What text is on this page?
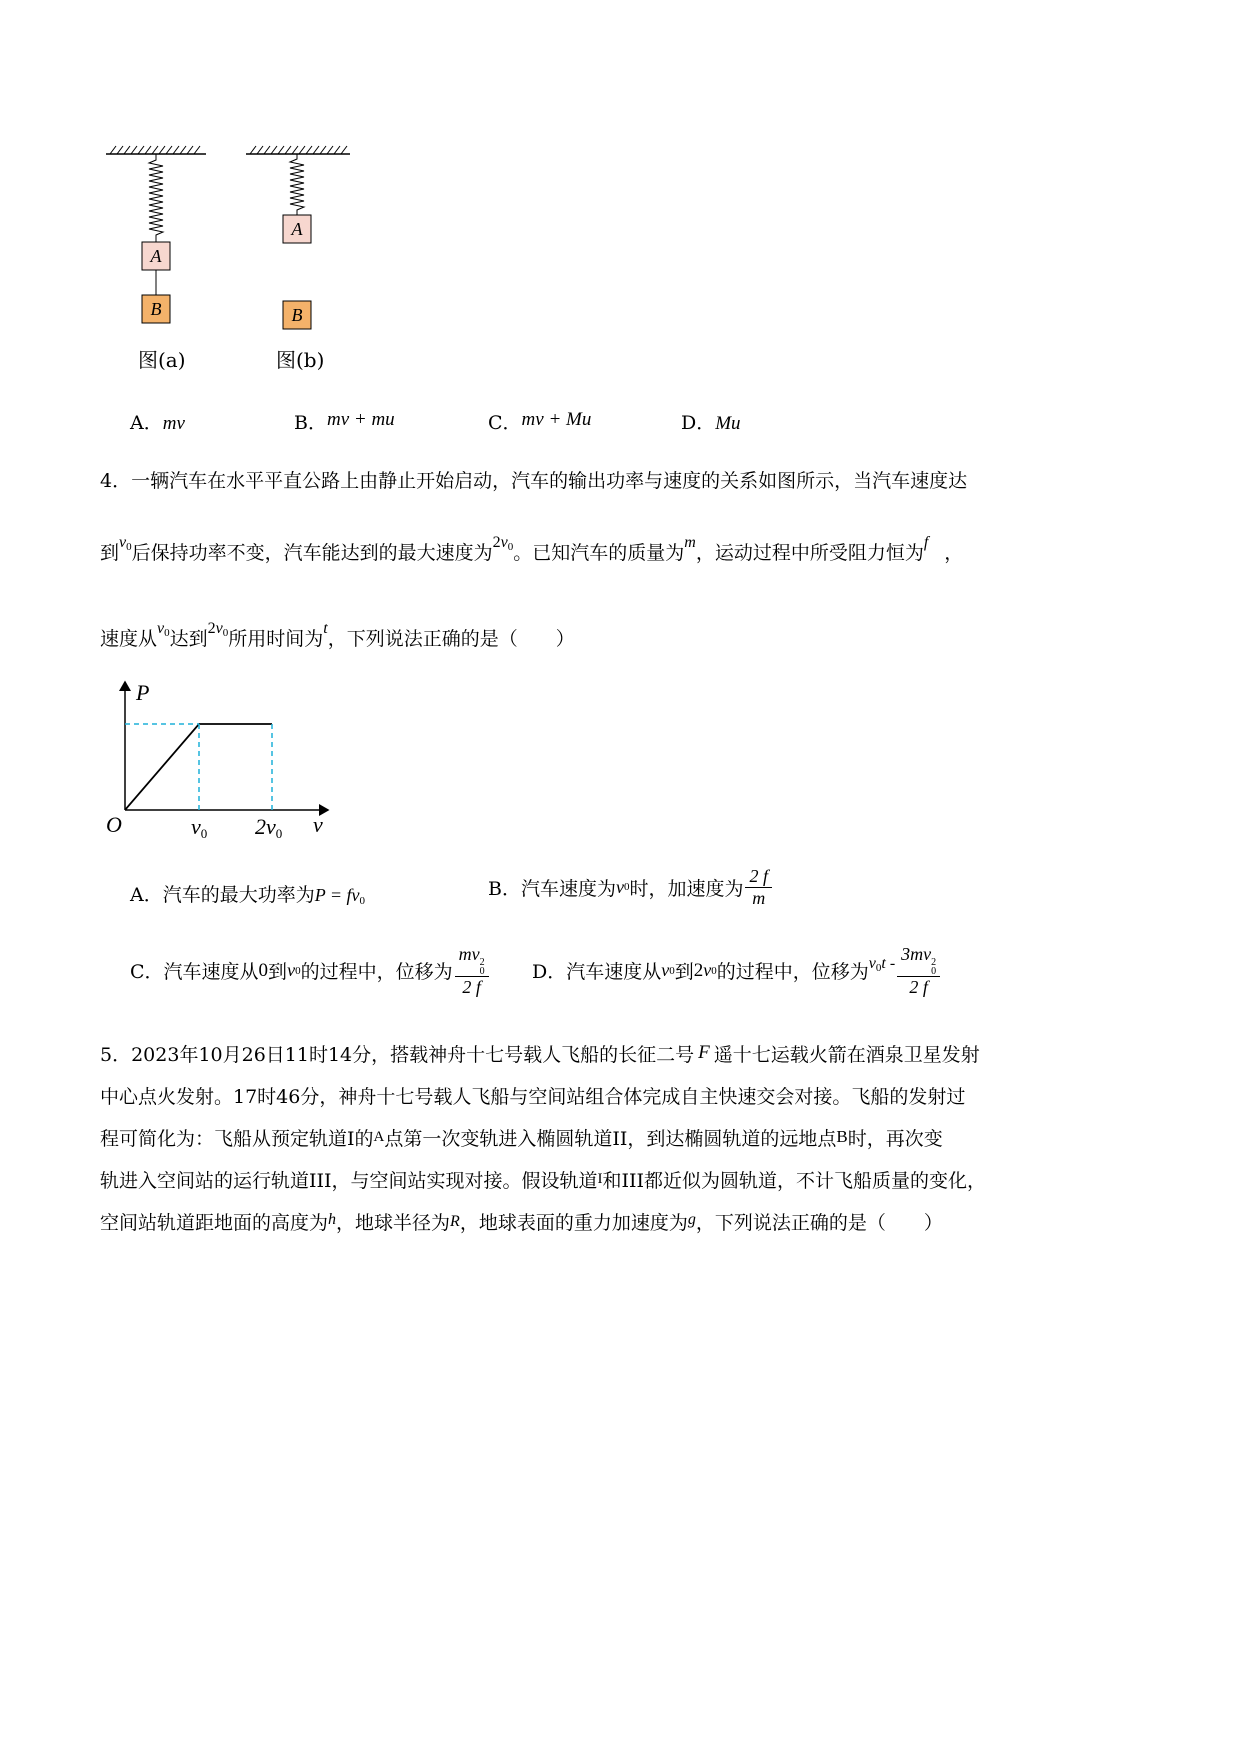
A
B
A
B
图(a)	图(b)
A．mv	B．mv + mu	C．mv + Mu	D．Mu
4．一辆汽车在水平平直公路上由静止开始启动，汽车的输出功率与速度的关系如图所示，当汽车速度达
到$v_0$后保持功率不变，汽车能达到的最大速度为$2v_0$。已知汽车的质量为m，运动过程中所受阻力恒为f ，
速度从$v_0$达到$2v_0$所用时间为t，下列说法正确的是（　　）
P
O	v0 2v0 v
A．汽车的最大功率为$P = fv_0$
B．汽车速度为 v 0 时，加速度为 $\frac{2 f}{m}$
C．汽车速度从 0 到 v 0 的过程中，位移为 mv 2
0
2 f D．汽车速度从 v 0 到 2 v 0 的过程中，位移为 $v_0t - 3mv$ 2
0
2 f
5．2023年10月26日11时14分，搭载神舟十七号载人飞船的长征二号 F 遥十七运载火箭在酒泉卫星发射
中心点火发射。17时46分，神舟十七号载人飞船与空间站组合体完成自主快速交会对接。飞船的发射过
程可简化为：飞船从预定轨道I的A点第一次变轨进入椭圆轨道II，到达椭圆轨道的远地点B时，再次变
轨进入空间站的运行轨道III，与空间站实现对接。假设轨道I和III都近似为圆轨道，不计飞船质量的变化，
空间站轨道距地面的高度为h，地球半径为R，地球表面的重力加速度为g，下列说法正确的是（　　）
